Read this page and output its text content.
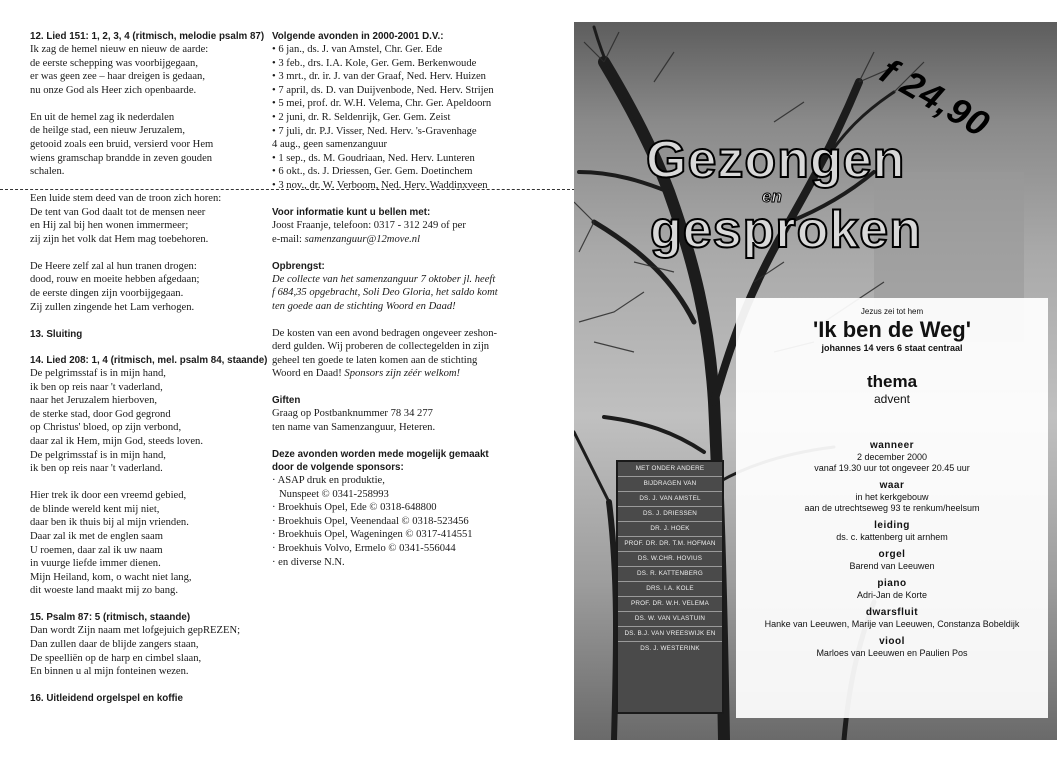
12. Lied 151: 1, 2, 3, 4 (ritmisch, melodie psalm 87)
Ik zag de hemel nieuw en nieuw de aarde:
de eerste schepping was voorbijgegaan,
er was geen zee – haar dreigen is gedaan,
nu onze God als Heer zich openbaarde.
En uit de hemel zag ik nederdalen
de heilge stad, een nieuw Jeruzalem,
getooid zoals een bruid, versierd voor Hem
wiens gramschap brandde in zeven gouden
schalen.
Een luide stem deed van de troon zich horen:
De tent van God daalt tot de mensen neer
en Hij zal bij hen wonen immermeer;
zij zijn het volk dat Hem mag toebehoren.
De Heere zelf zal al hun tranen drogen:
dood, rouw en moeite hebben afgedaan;
de eerste dingen zijn voorbijgegaan.
Zij zullen zingende het Lam verhogen.
13. Sluiting
14. Lied 208: 1, 4 (ritmisch, mel. psalm 84, staande)
De pelgrimsstaf is in mijn hand,
ik ben op reis naar 't vaderland,
naar het Jeruzalem hierboven,
de sterke stad, door God gegrond
op Christus' bloed, op zijn verbond,
daar zal ik Hem, mijn God, steeds loven.
De pelgrimsstaf is in mijn hand,
ik ben op reis naar 't vaderland.
Hier trek ik door een vreemd gebied,
de blinde wereld kent mij niet,
daar ben ik thuis bij al mijn vrienden.
Daar zal ik met de englen saam
U roemen, daar zal ik uw naam
in vuurge liefde immer dienen.
Mijn Heiland, kom, o wacht niet lang,
dit woeste land maakt mij zo bang.
15. Psalm 87: 5 (ritmisch, staande)
Dan wordt Zijn naam met lofgejuich gepREZEN;
Dan zullen daar de blijde zangers staan,
De speelliën op de harp en cimbel slaan,
En binnen u al mijn fonteinen wezen.
16. Uitleidend orgelspel en koffie
Volgende avonden in 2000-2001 D.V.:
• 6 jan., ds. J. van Amstel, Chr. Ger. Ede
• 3 feb., drs. I.A. Kole, Ger. Gem. Berkenwoude
• 3 mrt., dr. ir. J. van der Graaf, Ned. Herv. Huizen
• 7 april, ds. D. van Duijvenbode, Ned. Herv. Strijen
• 5 mei, prof. dr. W.H. Velema, Chr. Ger. Apeldoorn
• 2 juni, dr. R. Seldenrijk, Ger. Gem. Zeist
• 7 juli, dr. P.J. Visser, Ned. Herv. 's-Gravenhage
4 aug., geen samenzanguur
• 1 sep., ds. M. Goudriaan, Ned. Herv. Lunteren
• 6 okt., ds. J. Driessen, Ger. Gem. Doetinchem
• 3 nov., dr. W. Verboom, Ned. Herv. Waddinxveen
Voor informatie kunt u bellen met:
Joost Fraanje, telefoon: 0317 - 312 249 of per
e-mail: samenzanguur@12move.nl
Opbrengst:
De collecte van het samenzanguur 7 oktober jl. heeft
f 684,35 opgebracht, Soli Deo Gloria, het saldo komt
ten goede aan de stichting Woord en Daad!
De kosten van een avond bedragen ongeveer zeshon-
derd gulden. Wij proberen de collectegelden in zijn
geheel ten goede te laten komen aan de stichting
Woord en Daad! Sponsors zijn zéér welkom!
Giften
Graag op Postbanknummer 78 34 277
ten name van Samenzanguur, Heteren.
Deze avonden worden mede mogelijk gemaakt
door de volgende sponsors:
· ASAP druk en produktie,
Nunspeet © 0341-258993
· Broekhuis Opel, Ede © 0318-648800
· Broekhuis Opel, Veenendaal © 0318-523456
· Broekhuis Opel, Wageningen © 0317-414551
· Broekhuis Volvo, Ermelo © 0341-556044
· en diverse N.N.
f 24,90
Gezongen
en
gesproken
MET ONDER ANDERE
BIJDRAGEN VAN
DS. J. VAN AMSTEL
DS. J. DRIESSEN
DR. J. HOEK
PROF. DR. DR. T.M. HOFMAN
DS. W.CHR. HOVIUS
DS. R. KATTENBERG
DRS. I.A. KOLE
PROF. DR. W.H. VELEMA
DS. W. VAN VLASTUIN
DS. B.J. VAN VREESWIJK EN
DS. J. WESTERINK
Jezus zei tot hem
'Ik ben de Weg'
johannes 14 vers 6 staat centraal
thema
advent
wanneer
2 december 2000
vanaf 19.30 uur tot ongeveer 20.45 uur
waar
in het kerkgebouw
aan de utrechtseweg 93 te renkum/heelsum
leiding
ds. c. kattenberg uit arnhem
orgel
Barend van Leeuwen
piano
Adri-Jan de Korte
dwarsfluit
Hanke van Leeuwen, Marije van Leeuwen, Constanza Bobeldijk
viool
Marloes van Leeuwen en Paulien Pos
